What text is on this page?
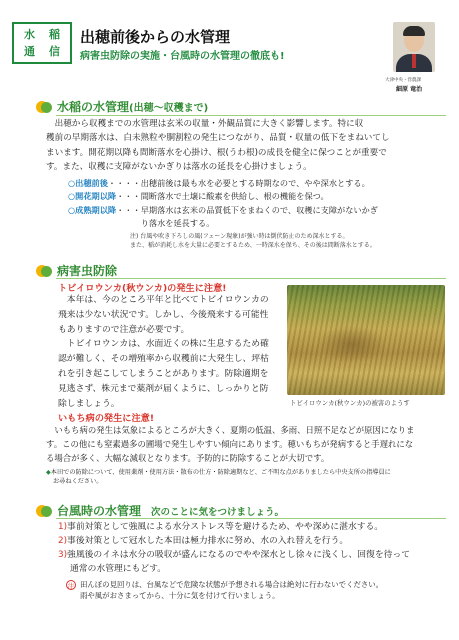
水	稲
通	信
出穂前後からの水管理
病害虫防除の実施・台風時の水管理の徹底も!
大津中央・営農課
細原 竜治
水稲の水管理(出穂～収穫まで)
出穂から収穫までの水管理は玄米の収量・外観品質に大きく影響します。特に収
穫前の早期落水は、白未熟粒や胴割粒の発生につながり、品質・収量の低下をまねいてし
まいます。開花期以降も間断落水を心掛け、根(うわ根)の成長を健全に保つことが重要で
す。また、収穫に支障がないかぎりは落水の延長を心掛けましょう。
○ 出穂前後 ・・・・ 出穂前後は最も水を必要とする時期なので、やや深水とする。
○ 開花期以降 ・・・ 間断落水で土壌に酸素を供給し、根の機能を保つ。
○ 成熟期以降 ・・・ 早期落水は玄米の品質低下をまねくので、収穫に支障がないかぎり落水を延長する。
注) 台風や吹き下ろしの風(フェーン現象)が強い時は倒伏防止のため深水とする。
また、稲が消耗し水を大量に必要とするため、一時深水を保ち、その後は間断落水とする。
病害虫防除
トビイロウンカ(秋ウンカ)の発生に注意!
本年は、今のところ平年と比べてトビイロウンカの
飛来は少ない状況です。しかし、今後飛来する可能性
もありますので注意が必要です。
トビイロウンカは、水面近くの株に生息するため確
認が難しく、その増殖率から収穫前に大発生し、坪枯
れを引き起こしてしまうことがあります。防除適期を
見逃さず、株元まで薬剤が届くように、しっかりと防
除しましょう。	トビイロウンカ(秋ウンカ)の被害のようす
いもち病の発生に注意!
いもち病の発生は気象によるところが大きく、夏期の低温、多雨、日照不足などが原因になりま
す。この他にも窒素過多の圃場で発生しやすい傾向にあります。穂いもちが発病すると手遅れにな
る場合が多く、大幅な減収となります。予防的に防除することが大切です。
◆本田での防除について、使用薬剤・使用方法・散布の仕方・防除適期など、ご不明な点がありましたら中央支所の指導員に
お尋ねください。
台風時の水管理 次のことに気をつけましょう。
1)事前対策として強風による水分ストレス等を避けるため、やや深めに湛水する。
2)事後対策として冠水した本田は極力排水に努め、水の入れ替えを行う。
3)強風後のイネは水分の吸収が盛んになるのでやや深水とし徐々に浅くし、回復を待って
通常の水管理にもどす。
注 田んぼの見回りは、台風などで危険な状態が予想される場合は絶対に行わないでください。
雨や風がおさまってから、十分に気を付けて行いましょう。
